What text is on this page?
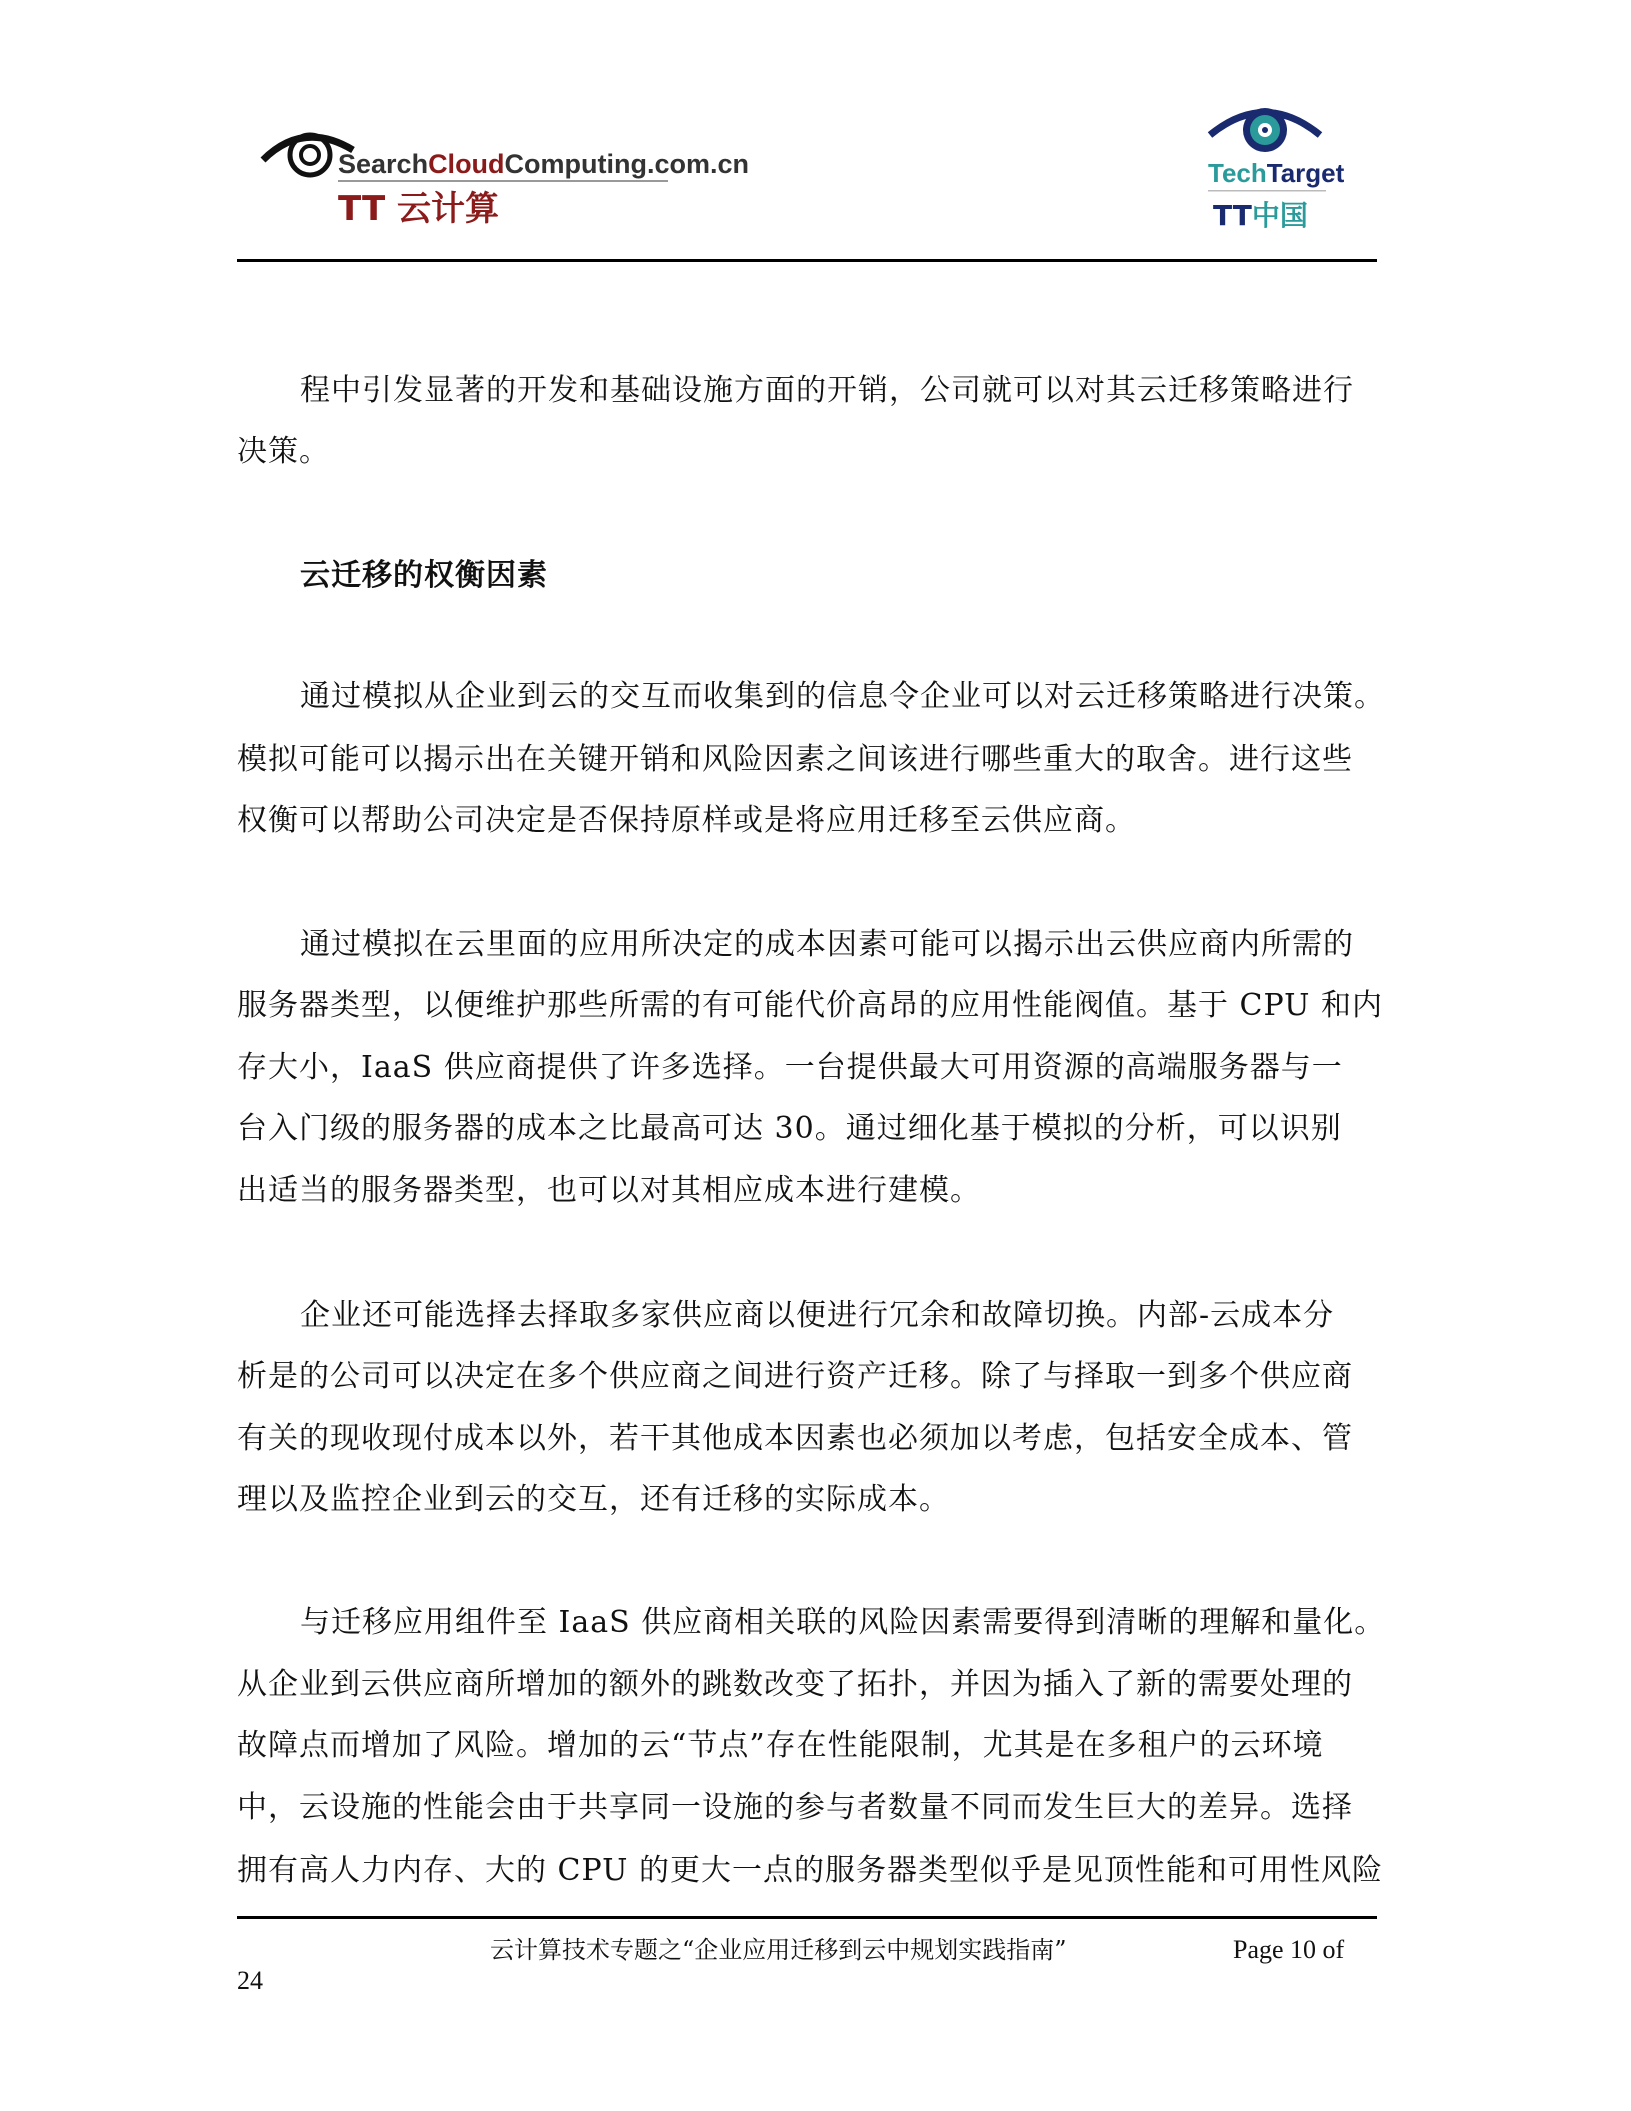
SearchCloudComputing.com.cn
TT 云计算
TechTarget
TT中国
程中引发显著的开发和基础设施方面的开销，公司就可以对其云迁移策略进行
决策。
云迁移的权衡因素
通过模拟从企业到云的交互而收集到的信息令企业可以对云迁移策略进行决策。
模拟可能可以揭示出在关键开销和风险因素之间该进行哪些重大的取舍。进行这些
权衡可以帮助公司决定是否保持原样或是将应用迁移至云供应商。
通过模拟在云里面的应用所决定的成本因素可能可以揭示出云供应商内所需的
服务器类型，以便维护那些所需的有可能代价高昂的应用性能阀值。基于 CPU 和内
存大小，IaaS 供应商提供了许多选择。一台提供最大可用资源的高端服务器与一
台入门级的服务器的成本之比最高可达 30。通过细化基于模拟的分析，可以识别
出适当的服务器类型，也可以对其相应成本进行建模。
企业还可能选择去择取多家供应商以便进行冗余和故障切换。内部-云成本分
析是的公司可以决定在多个供应商之间进行资产迁移。除了与择取一到多个供应商
有关的现收现付成本以外，若干其他成本因素也必须加以考虑，包括安全成本、管
理以及监控企业到云的交互，还有迁移的实际成本。
与迁移应用组件至 IaaS 供应商相关联的风险因素需要得到清晰的理解和量化。
从企业到云供应商所增加的额外的跳数改变了拓扑，并因为插入了新的需要处理的
故障点而增加了风险。增加的云“节点”存在性能限制，尤其是在多租户的云环境
中，云设施的性能会由于共享同一设施的参与者数量不同而发生巨大的差异。选择
拥有高人力内存、大的 CPU 的更大一点的服务器类型似乎是见顶性能和可用性风险
云计算技术专题之“企业应用迁移到云中规划实践指南”	Page 10 of
24
